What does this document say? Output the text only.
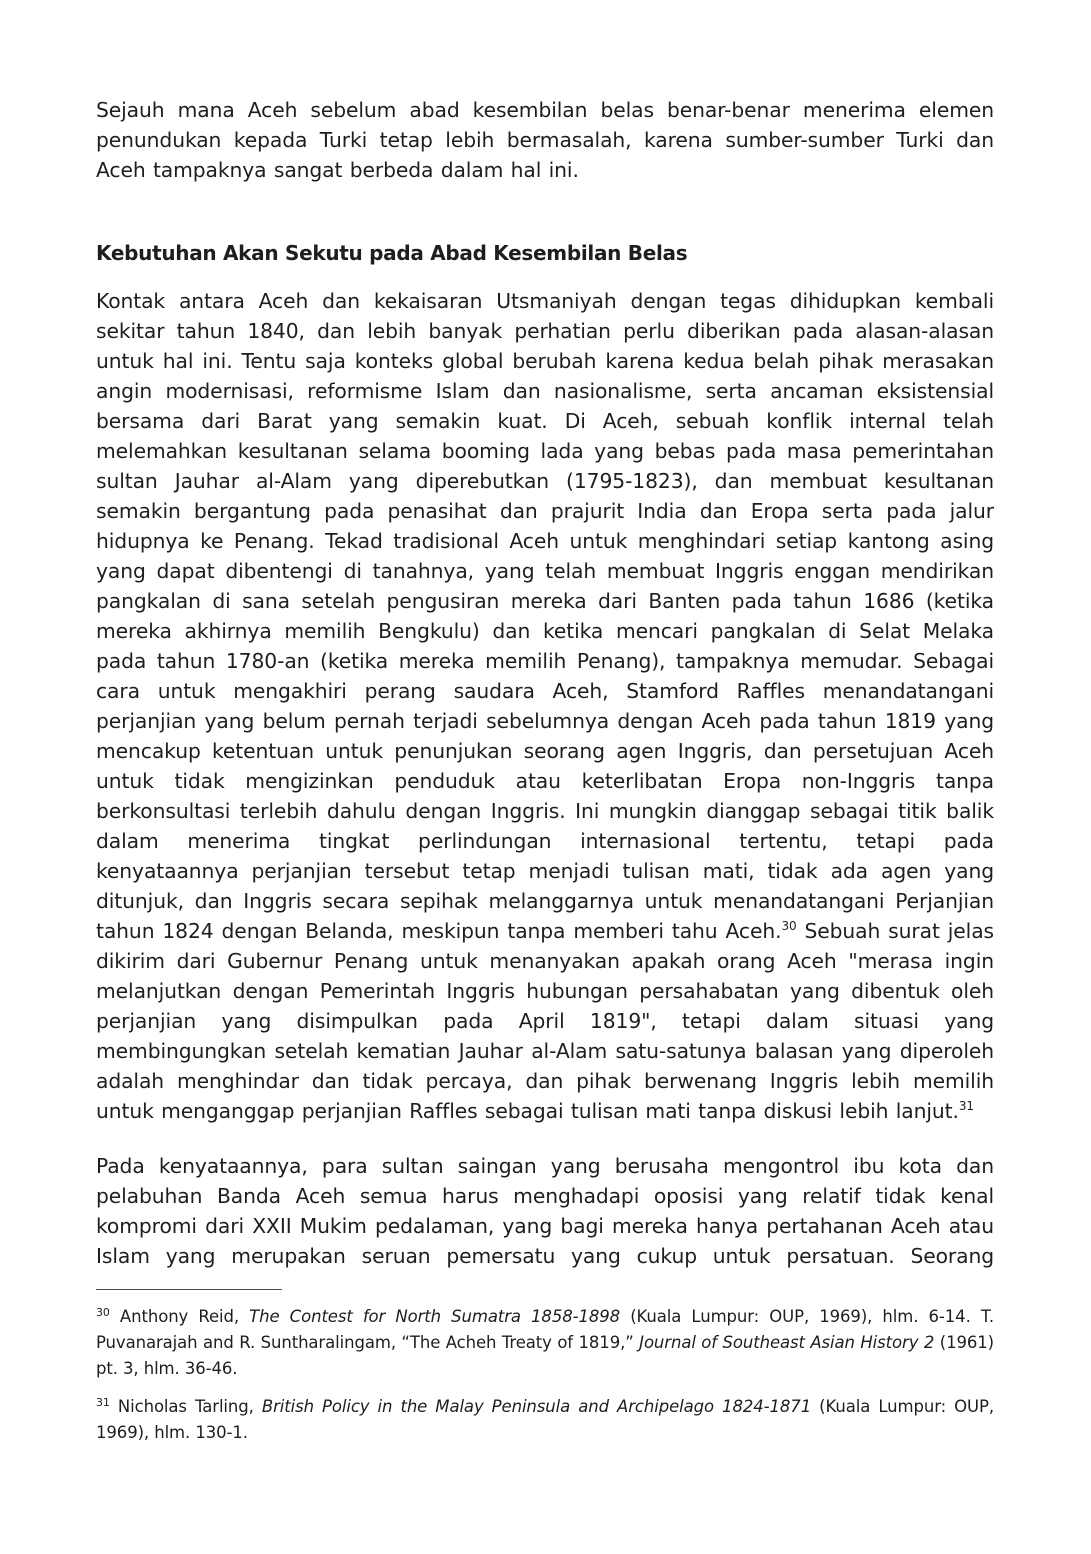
Sejauh mana Aceh sebelum abad kesembilan belas benar-benar menerima elemen penundukan kepada Turki tetap lebih bermasalah, karena sumber-sumber Turki dan Aceh tampaknya sangat berbeda dalam hal ini.

Kebutuhan Akan Sekutu pada Abad Kesembilan Belas

Kontak antara Aceh dan kekaisaran Utsmaniyah dengan tegas dihidupkan kembali sekitar tahun 1840, dan lebih banyak perhatian perlu diberikan pada alasan-alasan untuk hal ini. Tentu saja konteks global berubah karena kedua belah pihak merasakan angin modernisasi, reformisme Islam dan nasionalisme, serta ancaman eksistensial bersama dari Barat yang semakin kuat. Di Aceh, sebuah konflik internal telah melemahkan kesultanan selama booming lada yang bebas pada masa pemerintahan sultan Jauhar al-Alam yang diperebutkan (1795-1823), dan membuat kesultanan semakin bergantung pada penasihat dan prajurit India dan Eropa serta pada jalur hidupnya ke Penang. Tekad tradisional Aceh untuk menghindari setiap kantong asing yang dapat dibentengi di tanahnya, yang telah membuat Inggris enggan mendirikan pangkalan di sana setelah pengusiran mereka dari Banten pada tahun 1686 (ketika mereka akhirnya memilih Bengkulu) dan ketika mencari pangkalan di Selat Melaka pada tahun 1780-an (ketika mereka memilih Penang), tampaknya memudar. Sebagai cara untuk mengakhiri perang saudara Aceh, Stamford Raffles menandatangani perjanjian yang belum pernah terjadi sebelumnya dengan Aceh pada tahun 1819 yang mencakup ketentuan untuk penunjukan seorang agen Inggris, dan persetujuan Aceh untuk tidak mengizinkan penduduk atau keterlibatan Eropa non-Inggris tanpa berkonsultasi terlebih dahulu dengan Inggris. Ini mungkin dianggap sebagai titik balik dalam menerima tingkat perlindungan internasional tertentu, tetapi pada kenyataannya perjanjian tersebut tetap menjadi tulisan mati, tidak ada agen yang ditunjuk, dan Inggris secara sepihak melanggarnya untuk menandatangani Perjanjian tahun 1824 dengan Belanda, meskipun tanpa memberi tahu Aceh.$^{30}$ Sebuah surat jelas dikirim dari Gubernur Penang untuk menanyakan apakah orang Aceh "merasa ingin melanjutkan dengan Pemerintah Inggris hubungan persahabatan yang dibentuk oleh perjanjian yang disimpulkan pada April 1819", tetapi dalam situasi yang membingungkan setelah kematian Jauhar al-Alam satu-satunya balasan yang diperoleh adalah menghindar dan tidak percaya, dan pihak berwenang Inggris lebih memilih untuk menganggap perjanjian Raffles sebagai tulisan mati tanpa diskusi lebih lanjut.$^{31}$

Pada kenyataannya, para sultan saingan yang berusaha mengontrol ibu kota dan pelabuhan Banda Aceh semua harus menghadapi oposisi yang relatif tidak kenal kompromi dari XXII Mukim pedalaman, yang bagi mereka hanya pertahanan Aceh atau Islam yang merupakan seruan pemersatu yang cukup untuk persatuan. Seorang

$^{30}$ Anthony Reid, The Contest for North Sumatra 1858-1898 (Kuala Lumpur: OUP, 1969), hlm. 6-14. T. Puvanarajah and R. Suntharalingam, “The Acheh Treaty of 1819,” Journal of Southeast Asian History 2 (1961) pt. 3, hlm. 36-46.

$^{31}$ Nicholas Tarling, British Policy in the Malay Peninsula and Archipelago 1824-1871 (Kuala Lumpur: OUP, 1969), hlm. 130-1.
